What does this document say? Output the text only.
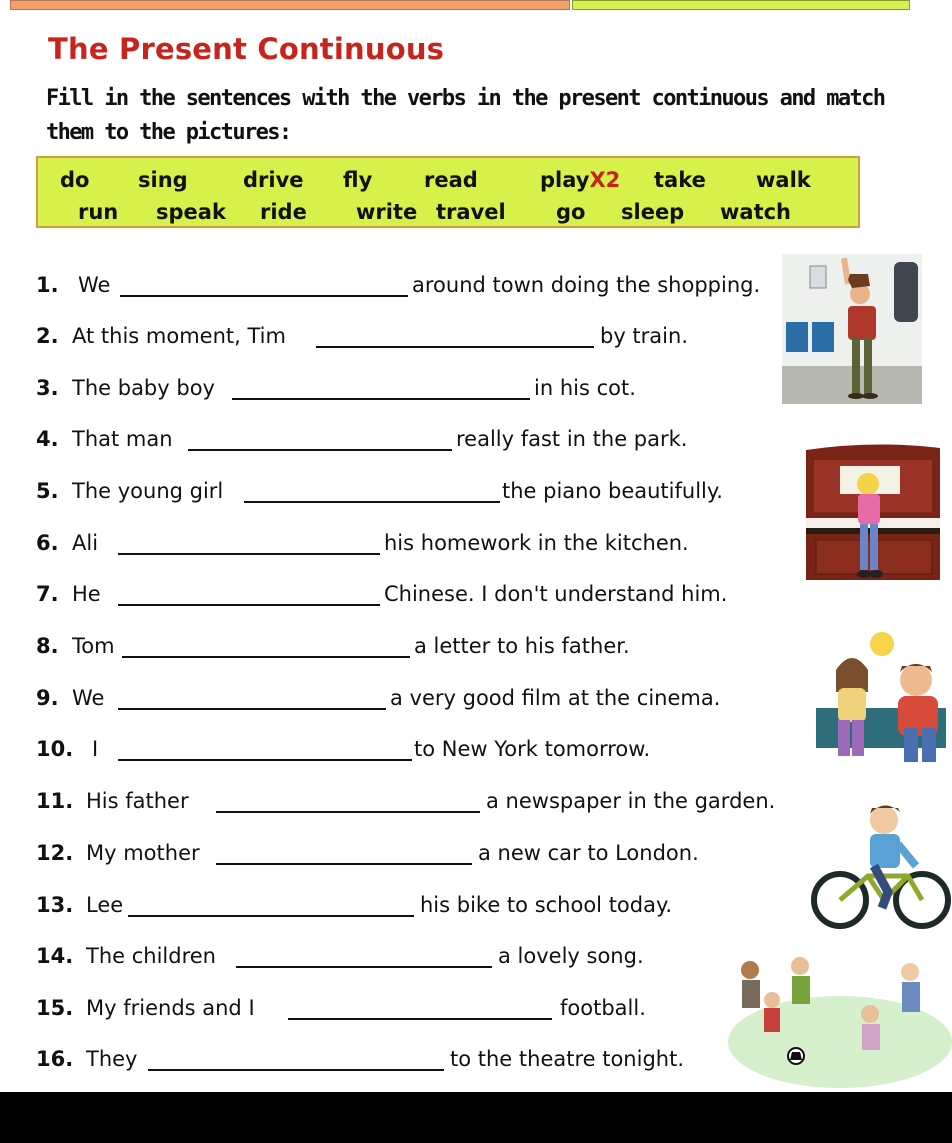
The Present Continuous
Fill in the sentences with the verbs in the present continuous and match
them to the pictures:
do sing	drive fly read	playX2 take walk
run speak ride write travel go sleep watch
1. We	around town doing the shopping.
2. At this moment, Tim	by train.
3. The baby boy	in his cot.
4. That man	really fast in the park.
5. The young girl	the piano beautifully.
6. Ali	his homework in the kitchen.
7. He	Chinese. I don't understand him.
8. Tom	a letter to his father.
9. We	a very good film at the cinema.
10. I	to New York tomorrow.
11. His father	a newspaper in the garden.
12. My mother	a new car to London.
13. Lee	his bike to school today.
14. The children	a lovely song.
15. My friends and I	football.
16. They	to the theatre tonight.
